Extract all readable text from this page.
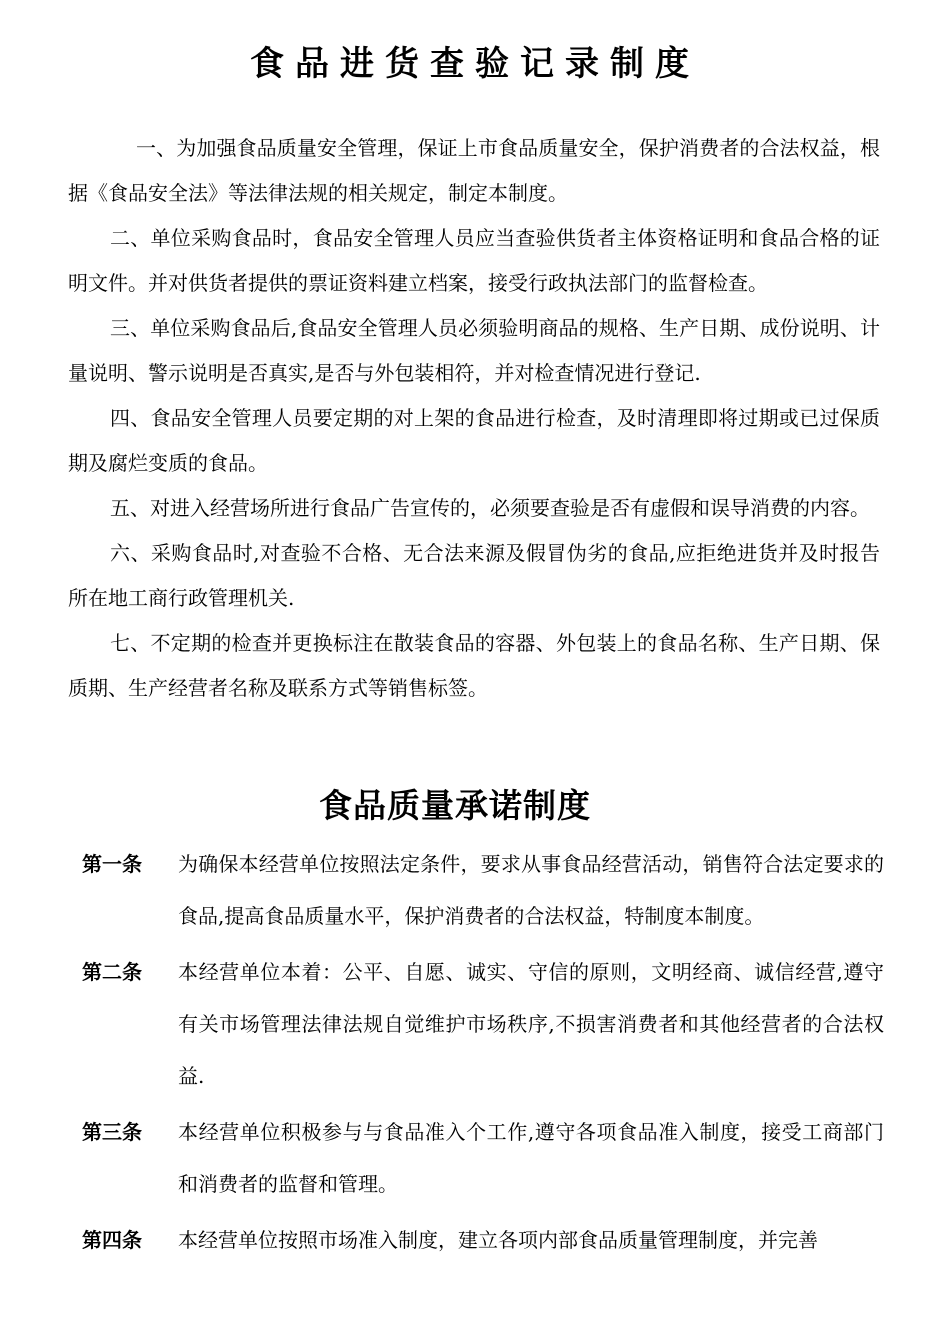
食品进货查验记录制度

一、为加强食品质量安全管理，保证上市食品质量安全，保护消费者的合法权益，根据《食品安全法》等法律法规的相关规定，制定本制度。

二、单位采购食品时，食品安全管理人员应当查验供货者主体资格证明和食品合格的证明文件。并对供货者提供的票证资料建立档案，接受行政执法部门的监督检查。

三、单位采购食品后,食品安全管理人员必须验明商品的规格、生产日期、成份说明、计量说明、警示说明是否真实,是否与外包装相符，并对检查情况进行登记.

四、食品安全管理人员要定期的对上架的食品进行检查，及时清理即将过期或已过保质期及腐烂变质的食品。

五、对进入经营场所进行食品广告宣传的，必须要查验是否有虚假和误导消费的内容。

六、采购食品时,对查验不合格、无合法来源及假冒伪劣的食品,应拒绝进货并及时报告所在地工商行政管理机关.

七、不定期的检查并更换标注在散装食品的容器、外包装上的食品名称、生产日期、保质期、生产经营者名称及联系方式等销售标签。

食品质量承诺制度
第一条	为确保本经营单位按照法定条件，要求从事食品经营活动，销售符合法定要求的食品,提高食品质量水平，保护消费者的合法权益，特制度本制度。
第二条	本经营单位本着：公平、自愿、诚实、守信的原则，文明经商、诚信经营,遵守有关市场管理法律法规自觉维护市场秩序,不损害消费者和其他经营者的合法权益.
第三条	本经营单位积极参与与食品准入个工作,遵守各项食品准入制度，接受工商部门和消费者的监督和管理。
第四条	本经营单位按照市场准入制度，建立各项内部食品质量管理制度，并完善
